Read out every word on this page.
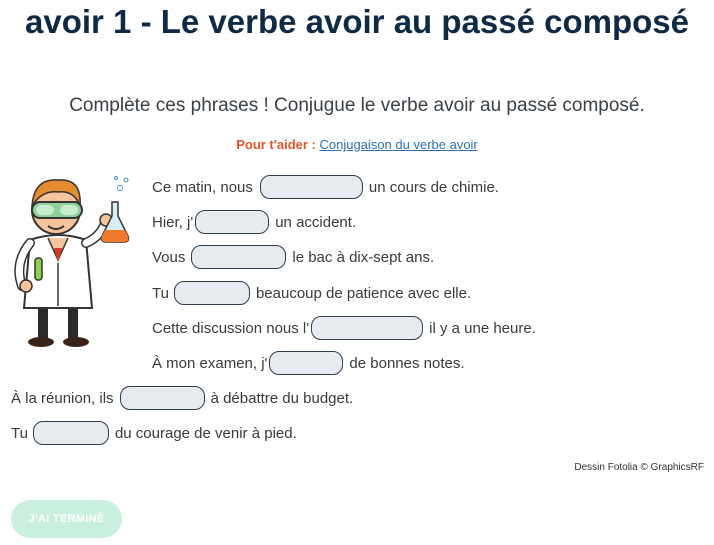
avoir 1 - Le verbe avoir au passé composé

Complète ces phrases ! Conjugue le verbe avoir au passé composé.

Pour t'aider : Conjugaison du verbe avoir

Ce matin, nous	un cours de chimie.
Hier, j'	un accident.
Vous	le bac à dix-sept ans.
Tu	beaucoup de patience avec elle.
Cette discussion nous l'	il y a une heure.
À mon examen, j'	de bonnes notes.
À la réunion, ils	à débattre du budget.
Tu	du courage de venir à pied.
Dessin Fotolia © GraphicsRF
J'AI TERMINÉ
